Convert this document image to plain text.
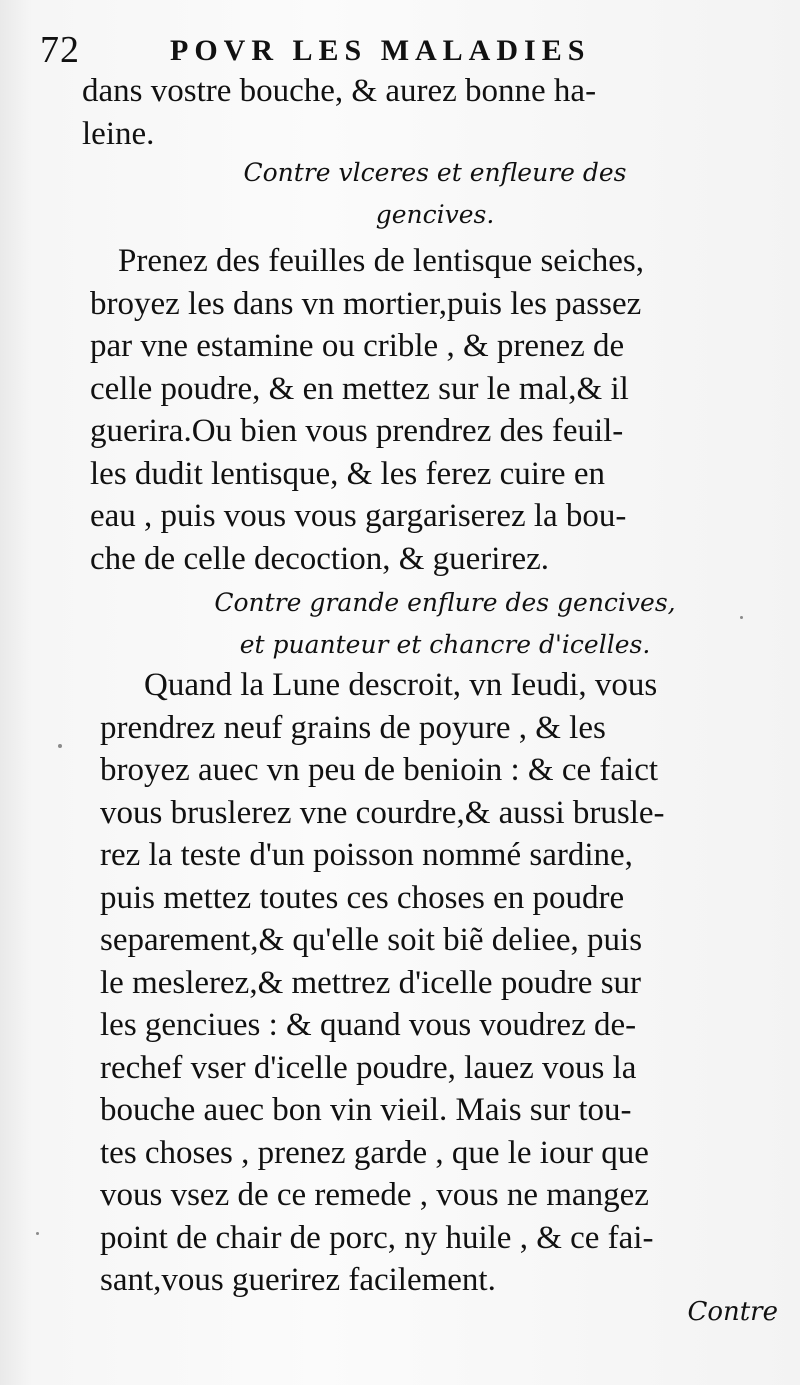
72	POVR LES MALADIES
dans vostre bouche, & aurez bonne ha-
leine.
Contre vlceres et enfleure des
gencives.
Prenez des feuilles de lentisque seiches,
broyez les dans vn mortier,puis les passez
par vne estamine ou crible , & prenez de
celle poudre, & en mettez sur le mal,& il
guerira.Ou bien vous prendrez des feuil-
les dudit lentisque, & les ferez cuire en
eau , puis vous vous gargariserez la bou-
che de celle decoction, & guerirez.
Contre grande enflure des gencives,
et puanteur et chancre d'icelles.
Quand la Lune descroit, vn Ieudi, vous
prendrez neuf grains de poyure , & les
broyez auec vn peu de benioin : & ce faict
vous bruslerez vne courdre,& aussi brusle-
rez la teste d'un poisson nommé sardine,
puis mettez toutes ces choses en poudre
separement,& qu'elle soit biẽ deliee, puis
le meslerez,& mettrez d'icelle poudre sur
les genciues : & quand vous voudrez de-
rechef vser d'icelle poudre, lauez vous la
bouche auec bon vin vieil. Mais sur tou-
tes choses , prenez garde , que le iour que
vous vsez de ce remede , vous ne mangez
point de chair de porc, ny huile , & ce fai-
sant,vous guerirez facilement.
Contre
